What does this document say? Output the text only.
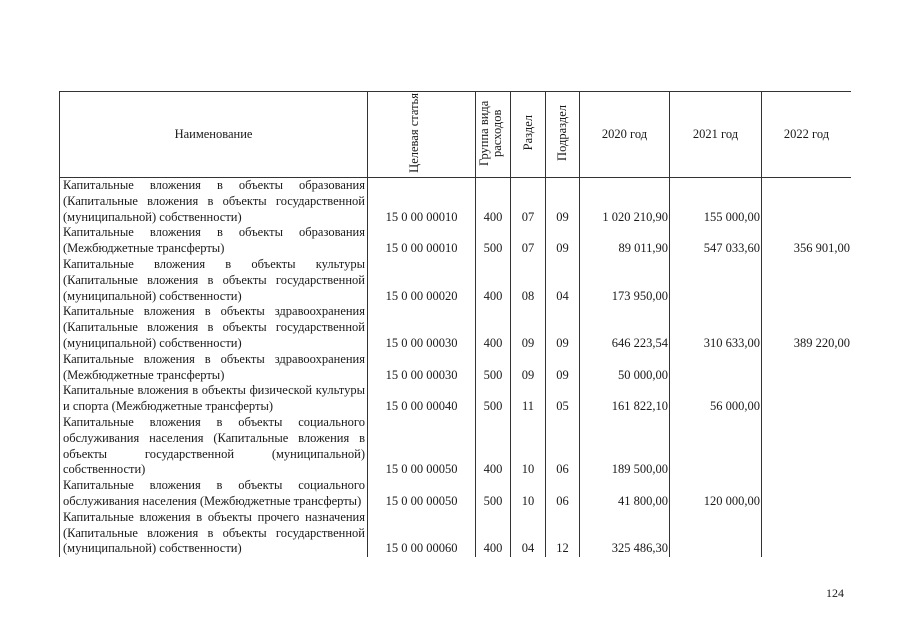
Наименование	Целевая статья	Группа вида расходов	Раздел	Подраздел	2020 год	2021 год	2022 год
Капитальные вложения в объекты образования (Капитальные вложения в объекты государственной (муниципальной) собственности)	15 0 00 00010	400	07	09	1 020 210,90	155 000,00	
Капитальные вложения в объекты образования (Межбюджетные трансферты)	15 0 00 00010	500	07	09	89 011,90	547 033,60	356 901,00
Капитальные вложения в объекты культуры (Капитальные вложения в объекты государственной (муниципальной) собственности)	15 0 00 00020	400	08	04	173 950,00		
Капитальные вложения в объекты здравоохранения (Капитальные вложения в объекты государственной (муниципальной) собственности)	15 0 00 00030	400	09	09	646 223,54	310 633,00	389 220,00
Капитальные вложения в объекты здравоохранения (Межбюджетные трансферты)	15 0 00 00030	500	09	09	50 000,00		
Капитальные вложения в объекты физической культуры и спорта (Межбюджетные трансферты)	15 0 00 00040	500	11	05	161 822,10	56 000,00	
Капитальные вложения в объекты социального обслуживания населения (Капитальные вложения в объекты государственной (муниципальной) собственности)	15 0 00 00050	400	10	06	189 500,00		
Капитальные вложения в объекты социального обслуживания населения (Межбюджетные трансферты)	15 0 00 00050	500	10	06	41 800,00	120 000,00	
Капитальные вложения в объекты прочего назначения (Капитальные вложения в объекты государственной (муниципальной) собственности)	15 0 00 00060	400	04	12	325 486,30		
124
